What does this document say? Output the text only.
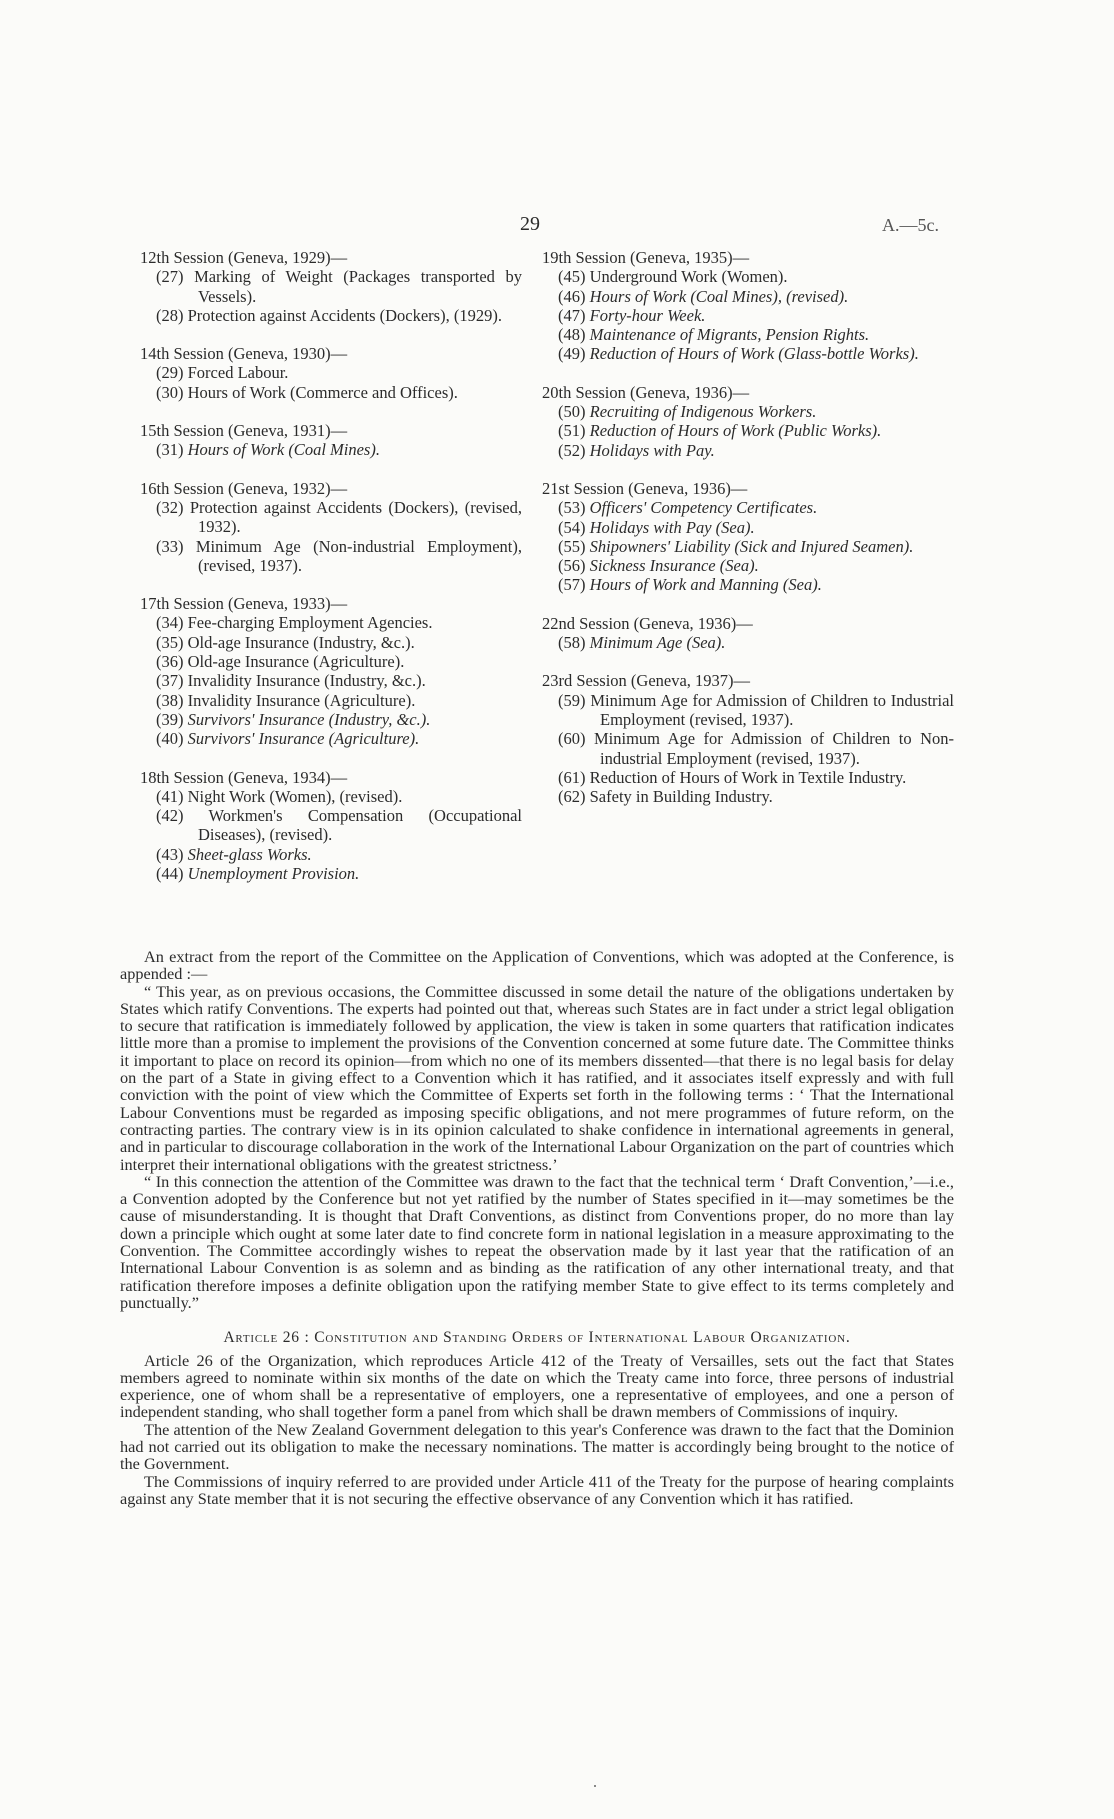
29	A.—5c.
12th Session (Geneva, 1929)—
(27) Marking of Weight (Packages transported by Vessels).
(28) Protection against Accidents (Dockers), (1929).
14th Session (Geneva, 1930)—
(29) Forced Labour.
(30) Hours of Work (Commerce and Offices).
15th Session (Geneva, 1931)—
(31) Hours of Work (Coal Mines).
16th Session (Geneva, 1932)—
(32) Protection against Accidents (Dockers), (revised, 1932).
(33) Minimum Age (Non-industrial Employment), (revised, 1937).
17th Session (Geneva, 1933)—
(34) Fee-charging Employment Agencies.
(35) Old-age Insurance (Industry, &c.).
(36) Old-age Insurance (Agriculture).
(37) Invalidity Insurance (Industry, &c.).
(38) Invalidity Insurance (Agriculture).
(39) Survivors' Insurance (Industry, &c.).
(40) Survivors' Insurance (Agriculture).
18th Session (Geneva, 1934)—
(41) Night Work (Women), (revised).
(42) Workmen's Compensation (Occupational Diseases), (revised).
(43) Sheet-glass Works.
(44) Unemployment Provision.
19th Session (Geneva, 1935)—
(45) Underground Work (Women).
(46) Hours of Work (Coal Mines), (revised).
(47) Forty-hour Week.
(48) Maintenance of Migrants, Pension Rights.
(49) Reduction of Hours of Work (Glass-bottle Works).
20th Session (Geneva, 1936)—
(50) Recruiting of Indigenous Workers.
(51) Reduction of Hours of Work (Public Works).
(52) Holidays with Pay.
21st Session (Geneva, 1936)—
(53) Officers' Competency Certificates.
(54) Holidays with Pay (Sea).
(55) Shipowners' Liability (Sick and Injured Seamen).
(56) Sickness Insurance (Sea).
(57) Hours of Work and Manning (Sea).
22nd Session (Geneva, 1936)—
(58) Minimum Age (Sea).
23rd Session (Geneva, 1937)—
(59) Minimum Age for Admission of Children to Industrial Employment (revised, 1937).
(60) Minimum Age for Admission of Children to Non-industrial Employment (revised, 1937).
(61) Reduction of Hours of Work in Textile Industry.
(62) Safety in Building Industry.

An extract from the report of the Committee on the Application of Conventions, which was adopted at the Conference, is appended :—

“ This year, as on previous occasions, the Committee discussed in some detail the nature of the obligations undertaken by States which ratify Conventions. The experts had pointed out that, whereas such States are in fact under a strict legal obligation to secure that ratification is immediately followed by application, the view is taken in some quarters that ratification indicates little more than a promise to implement the provisions of the Convention concerned at some future date. The Committee thinks it important to place on record its opinion—from which no one of its members dissented—that there is no legal basis for delay on the part of a State in giving effect to a Convention which it has ratified, and it associates itself expressly and with full conviction with the point of view which the Committee of Experts set forth in the following terms : ‘ That the International Labour Conventions must be regarded as imposing specific obligations, and not mere programmes of future reform, on the contracting parties. The contrary view is in its opinion calculated to shake confidence in international agreements in general, and in particular to discourage collaboration in the work of the International Labour Organization on the part of countries which interpret their international obligations with the greatest strictness.’

“ In this connection the attention of the Committee was drawn to the fact that the technical term ‘ Draft Convention,’—i.e., a Convention adopted by the Conference but not yet ratified by the number of States specified in it—may sometimes be the cause of misunderstanding. It is thought that Draft Conventions, as distinct from Conventions proper, do no more than lay down a principle which ought at some later date to find concrete form in national legislation in a measure approximating to the Convention. The Committee accordingly wishes to repeat the observation made by it last year that the ratification of an International Labour Convention is as solemn and as binding as the ratification of any other international treaty, and that ratification therefore imposes a definite obligation upon the ratifying member State to give effect to its terms completely and punctually.”

Article 26 : Constitution and Standing Orders of International Labour Organization.

Article 26 of the Organization, which reproduces Article 412 of the Treaty of Versailles, sets out the fact that States members agreed to nominate within six months of the date on which the Treaty came into force, three persons of industrial experience, one of whom shall be a representative of employers, one a representative of employees, and one a person of independent standing, who shall together form a panel from which shall be drawn members of Commissions of inquiry.

The attention of the New Zealand Government delegation to this year's Conference was drawn to the fact that the Dominion had not carried out its obligation to make the necessary nominations. The matter is accordingly being brought to the notice of the Government.

The Commissions of inquiry referred to are provided under Article 411 of the Treaty for the purpose of hearing complaints against any State member that it is not securing the effective observance of any Convention which it has ratified.
